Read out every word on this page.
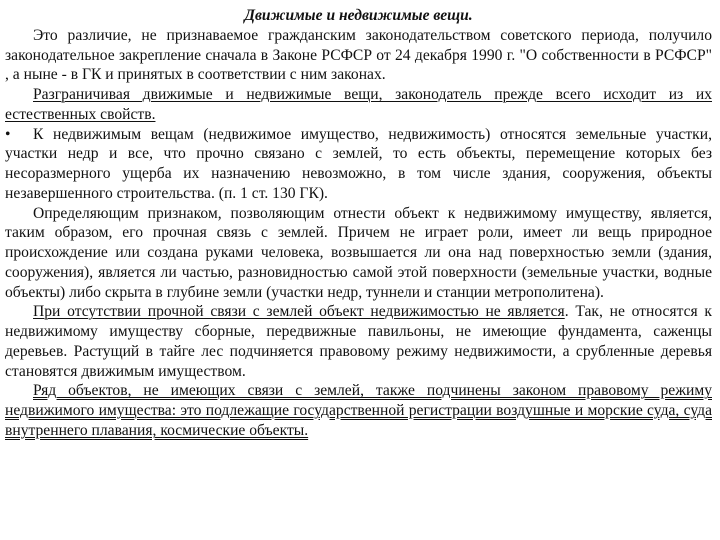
Движимые и недвижимые вещи.

Это различие, не признаваемое гражданским законодательством советского периода, получило законодательное закрепление сначала в Законе РСФСР от 24 декабря 1990 г. "О собственности в РСФСР" , а ныне - в ГК и принятых в соответствии с ним законах.

Разграничивая движимые и недвижимые вещи, законодатель прежде всего исходит из их естественных свойств.

• К недвижимым вещам (недвижимое имущество, недвижимость) относятся земельные участки, участки недр и все, что прочно связано с землей, то есть объекты, перемещение которых без несоразмерного ущерба их назначению невозможно, в том числе здания, сооружения, объекты незавершенного строительства. (п. 1 ст. 130 ГК).

Определяющим признаком, позволяющим отнести объект к недвижимому имуществу, является, таким образом, его прочная связь с землей. Причем не играет роли, имеет ли вещь природное происхождение или создана руками человека, возвышается ли она над поверхностью земли (здания, сооружения), является ли частью, разновидностью самой этой поверхности (земельные участки, водные объекты) либо скрыта в глубине земли (участки недр, туннели и станции метрополитена).

При отсутствии прочной связи с землей объект недвижимостью не является. Так, не относятся к недвижимому имуществу сборные, передвижные павильоны, не имеющие фундамента, саженцы деревьев. Растущий в тайге лес подчиняется правовому режиму недвижимости, а срубленные деревья становятся движимым имуществом.

Ряд объектов, не имеющих связи с землей, также подчинены законом правовому режиму недвижимого имущества: это подлежащие государственной регистрации воздушные и морские суда, суда внутреннего плавания, космические объекты.
